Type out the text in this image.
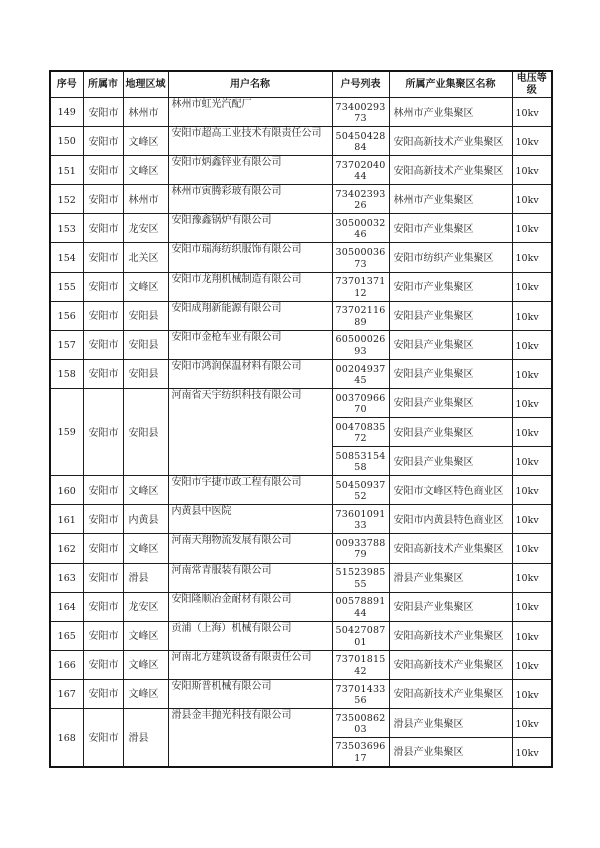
序号	所属市	地理区域	用户名称	户号列表	所属产业集聚区名称	电压等级
149	安阳市	林州市	林州市虹光汽配厂	7340029373	林州市产业集聚区	10kv
150	安阳市	文峰区	安阳市超高工业技术有限责任公司	5045042884	安阳高新技术产业集聚区	10kv
151	安阳市	文峰区	安阳市炳鑫锌业有限公司	7370204044	安阳高新技术产业集聚区	10kv
152	安阳市	林州市	林州市寅腾彩玻有限公司	7340239326	林州市产业集聚区	10kv
153	安阳市	龙安区	安阳豫鑫锅炉有限公司	3050003246	安阳市产业集聚区	10kv
154	安阳市	北关区	安阳市瑞海纺织服饰有限公司	3050003673	安阳市纺织产业集聚区	10kv
155	安阳市	文峰区	安阳市龙翔机械制造有限公司	7370137112	安阳市产业集聚区	10kv
156	安阳市	安阳县	安阳成翔新能源有限公司	7370211689	安阳县产业集聚区	10kv
157	安阳市	安阳县	安阳市金枪车业有限公司	6050002693	安阳县产业集聚区	10kv
158	安阳市	安阳县	安阳市鸿润保温材料有限公司	0020493745	安阳县产业集聚区	10kv
159	安阳市	安阳县	河南省天宇纺织科技有限公司	0037096670	安阳县产业集聚区	10kv
				0047083572	安阳县产业集聚区	10kv
				5085315458	安阳县产业集聚区	10kv
160	安阳市	文峰区	安阳市宇捷市政工程有限公司	5045093752	安阳市文峰区特色商业区	10kv
161	安阳市	内黄县	内黄县中医院	7360109133	安阳市内黄县特色商业区	10kv
162	安阳市	文峰区	河南天翔物流发展有限公司	0093378879	安阳高新技术产业集聚区	10kv
163	安阳市	滑县	河南常青服装有限公司	5152398555	滑县产业集聚区	10kv
164	安阳市	龙安区	安阳隆顺冶金耐材有限公司	0057889144	安阳县产业集聚区	10kv
165	安阳市	文峰区	贡浦（上海）机械有限公司	5042708701	安阳高新技术产业集聚区	10kv
166	安阳市	文峰区	河南北方建筑设备有限责任公司	7370181542	安阳高新技术产业集聚区	10kv
167	安阳市	文峰区	安阳斯普机械有限公司	7370143356	安阳高新技术产业集聚区	10kv
168	安阳市	滑县	滑县金丰抛光科技有限公司	7350086203	滑县产业集聚区	10kv
				7350369617	滑县产业集聚区	10kv
